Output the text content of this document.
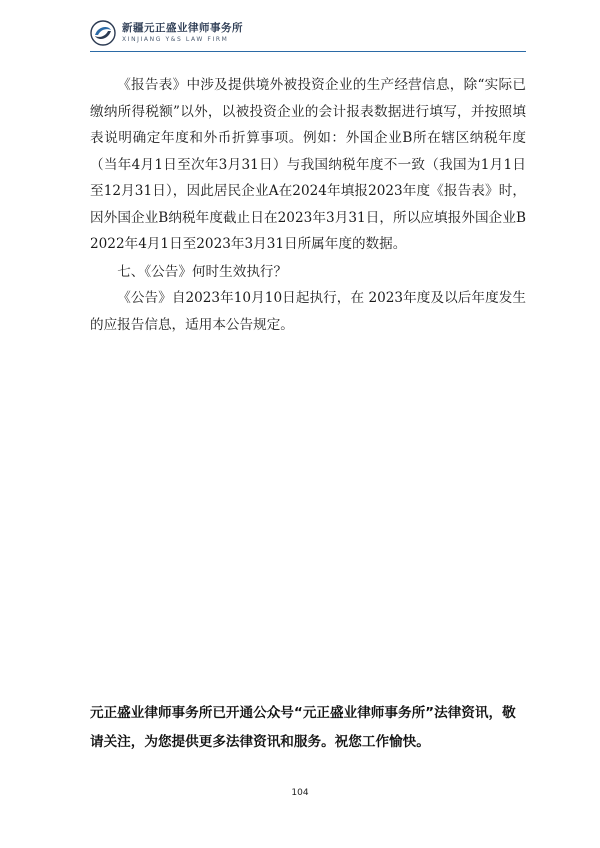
新疆元正盛业律师事务所
XINJIANG Y&S LAW FIRM

《报告表》中涉及提供境外被投资企业的生产经营信息，除“实际已缴纳所得税额”以外，以被投资企业的会计报表数据进行填写，并按照填表说明确定年度和外币折算事项。例如：外国企业B所在辖区纳税年度（当年4月1日至次年3月31日）与我国纳税年度不一致（我国为1月1日至12月31日），因此居民企业A在2024年填报2023年度《报告表》时，因外国企业B纳税年度截止日在2023年3月31日，所以应填报外国企业B 2022年4月1日至2023年3月31日所属年度的数据。

七、《公告》何时生效执行？

《公告》自2023年10月10日起执行，在 2023年度及以后年度发生的应报告信息，适用本公告规定。

元正盛业律师事务所已开通公众号“元正盛业律师事务所”法律资讯，敬请关注，为您提供更多法律资讯和服务。祝您工作愉快。
104
